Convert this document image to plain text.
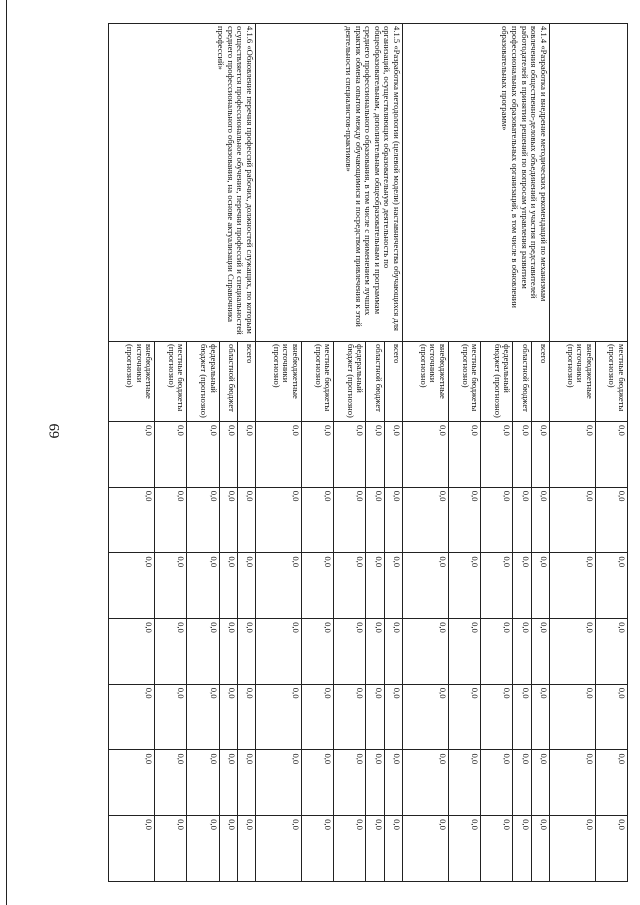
69
	местные бюджеты (прогнозно)	0,0	0,0	0,0	0,0	0,0	0,0	0,0
	внебюджетные источники (прогнозно)	0,0	0,0	0,0	0,0	0,0	0,0	0,0
4.1.4 «Разработка и внедрение методических рекомендаций по механизмам вовлечения общественно-деловых объединений и участия представителей работодателей в принятии решений по вопросам управления развитием профессиональных образовательных организаций, в том числе в обновлении образовательных программ»	всего	0,0	0,0	0,0	0,0	0,0	0,0	0,0
	областной бюджет	0,0	0,0	0,0	0,0	0,0	0,0	0,0
	федеральный бюджет (прогнозно)	0,0	0,0	0,0	0,0	0,0	0,0	0,0
	местные бюджеты (прогнозно)	0,0	0,0	0,0	0,0	0,0	0,0	0,0
	внебюджетные источники (прогнозно)	0,0	0,0	0,0	0,0	0,0	0,0	0,0
4.1.5 «Разработка методологии (целевой модели) наставничества обучающихся для организаций, осуществляющих образовательную деятельность по общеобразовательным, дополнительным общеобразовательным и программам среднего профессионального образования, в том числе с применением лучших практик обмена опытом между обучающимися и посредством привлечения к этой деятельности специалистов-практиков»	всего	0,0	0,0	0,0	0,0	0,0	0,0	0,0
	областной бюджет	0,0	0,0	0,0	0,0	0,0	0,0	0,0
	федеральный бюджет (прогнозно)	0,0	0,0	0,0	0,0	0,0	0,0	0,0
	местные бюджеты (прогнозно)	0,0	0,0	0,0	0,0	0,0	0,0	0,0
	внебюджетные источники (прогнозно)	0,0	0,0	0,0	0,0	0,0	0,0	0,0
4.1.6 «Обновление перечня профессий рабочих, должностей служащих, по которым осуществляется профессиональное обучение, перечни профессий и специальностей среднего профессионального образования, на основе актуализации Справочника профессий»	всего	0,0	0,0	0,0	0,0	0,0	0,0	0,0
	областной бюджет	0,0	0,0	0,0	0,0	0,0	0,0	0,0
	федеральный бюджет (прогнозно)	0,0	0,0	0,0	0,0	0,0	0,0	0,0
	местные бюджеты (прогнозно)	0,0	0,0	0,0	0,0	0,0	0,0	0,0
	внебюджетные источники (прогнозно)	0,0	0,0	0,0	0,0	0,0	0,0	0,0
